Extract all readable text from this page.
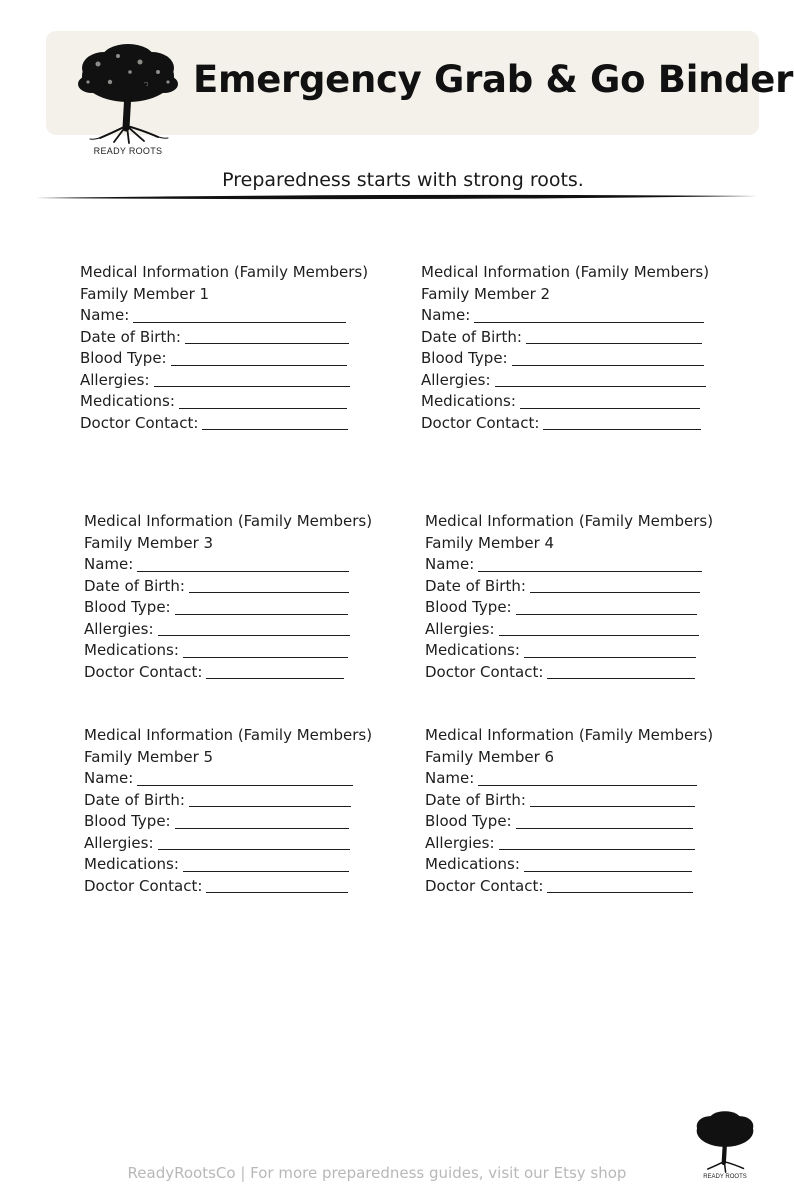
READY ROOTS
Emergency Grab & Go Binder
Preparedness starts with strong roots.
Medical Information (Family Members)
Family Member 1
Name:
Date of Birth:
Blood Type:
Allergies:
Medications:
Doctor Contact:
Medical Information (Family Members)
Family Member 2
Name:
Date of Birth:
Blood Type:
Allergies:
Medications:
Doctor Contact:
Medical Information (Family Members)
Family Member 3
Name:
Date of Birth:
Blood Type:
Allergies:
Medications:
Doctor Contact:
Medical Information (Family Members)
Family Member 4
Name:
Date of Birth:
Blood Type:
Allergies:
Medications:
Doctor Contact:
Medical Information (Family Members)
Family Member 5
Name:
Date of Birth:
Blood Type:
Allergies:
Medications:
Doctor Contact:
Medical Information (Family Members)
Family Member 6
Name:
Date of Birth:
Blood Type:
Allergies:
Medications:
Doctor Contact:
READY ROOTS
ReadyRootsCo | For more preparedness guides, visit our Etsy shop
